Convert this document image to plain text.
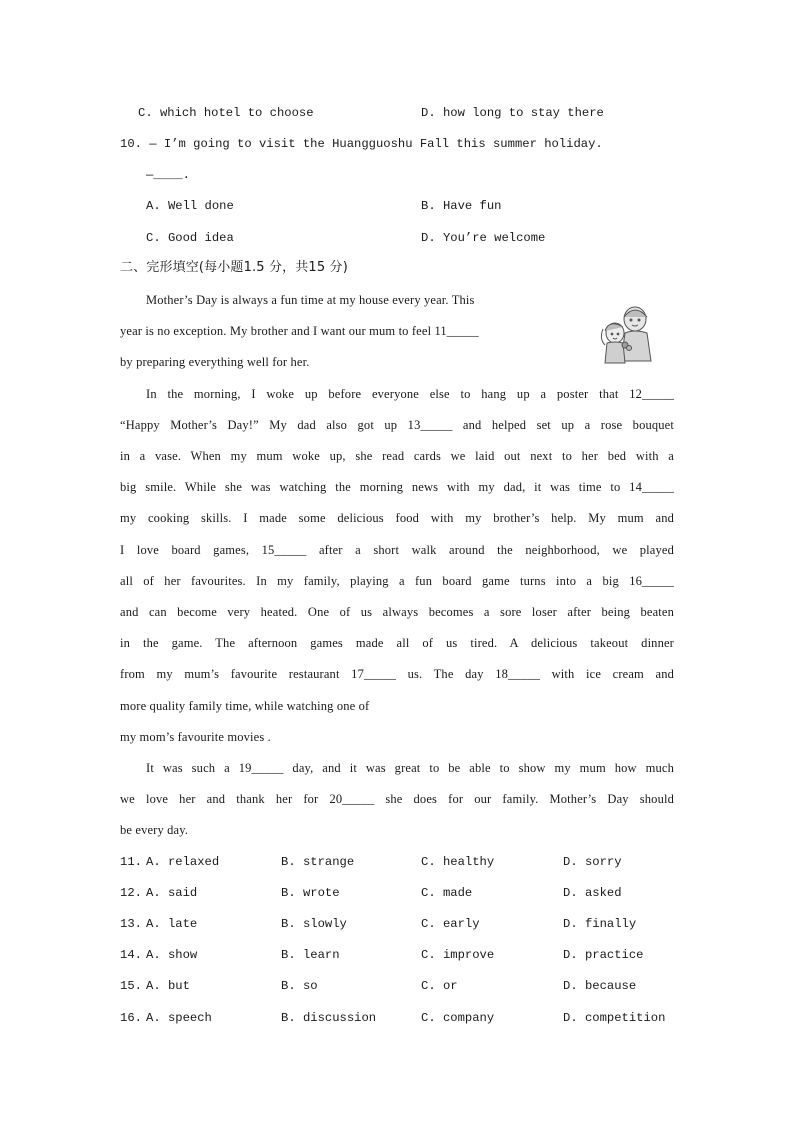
C. which hotel to choose	D. how long to stay there
10. — I’m going to visit the Huangguoshu Fall this summer holiday.
—____.
A. Well done	B. Have fun
C. Good idea	D. You’re welcome
二、完形填空(每小题1.5 分，共15 分)
Mother’s Day is always a fun time at my house every year. This
year is no exception. My brother and I want our mum to feel 11_____
by preparing everything well for her.
In the morning, I woke up before everyone else to hang up a poster that 12_____
“Happy Mother’s Day!” My dad also got up 13_____ and helped set up a rose bouquet
in a vase. When my mum woke up, she read cards we laid out next to her bed with a
big smile. While she was watching the morning news with my dad, it was time to 14_____
my cooking skills. I made some delicious food with my brother’s help. My mum and
I love board games, 15_____ after a short walk around the neighborhood, we played
all of her favourites. In my family, playing a fun board game turns into a big 16_____
and can become very heated. One of us always becomes a sore loser after being beaten
in the game. The afternoon games made all of us tired. A delicious takeout dinner
from my mum’s favourite restaurant 17_____ us. The day 18_____ with ice cream and
more quality family time, while watching one of
my mom’s favourite movies .
It was such a 19_____ day, and it was great to be able to show my mum how much
we love her and thank her for 20_____ she does for our family. Mother’s Day should
be every day.
11. A. relaxed	B. strange	C. healthy	D. sorry
12. A. said	B. wrote	C. made	D. asked
13. A. late	B. slowly	C. early	D. finally
14. A. show	B. learn	C. improve	D. practice
15. A. but	B. so	C. or	D. because
16. A. speech	B. discussion	C. company	D. competition
